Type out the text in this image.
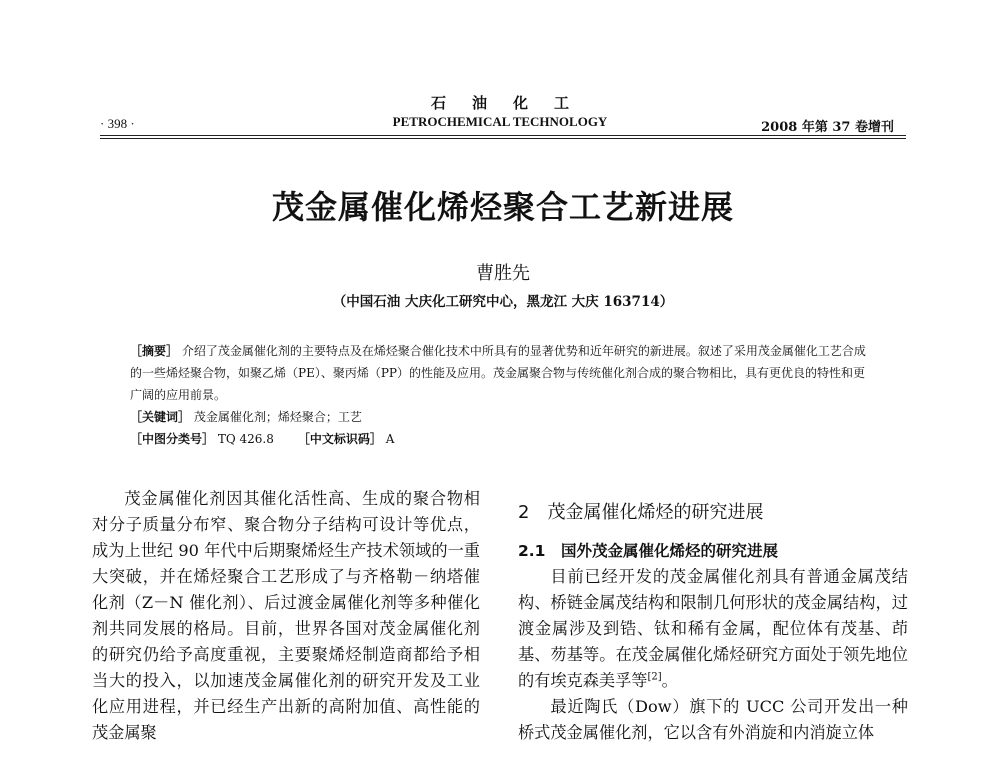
石油化工
PETROCHEMICAL TECHNOLOGY
· 398 ·	2008 年第 37 卷增刊
茂金属催化烯烃聚合工艺新进展
曹胜先
（中国石油 大庆化工研究中心，黑龙江 大庆 163714）

［摘要］ 介绍了茂金属催化剂的主要特点及在烯烃聚合催化技术中所具有的显著优势和近年研究的新进展。叙述了采用茂金属催化工艺合成的一些烯烃聚合物，如聚乙烯（PE）、聚丙烯（PP）的性能及应用。茂金属聚合物与传统催化剂合成的聚合物相比，具有更优良的特性和更广阔的应用前景。

［关键词］ 茂金属催化剂；烯烃聚合；工艺

［中图分类号］ TQ 426.8   ［中文标识码］ A

茂金属催化剂因其催化活性高、生成的聚合物相对分子质量分布窄、聚合物分子结构可设计等优点，成为上世纪 90 年代中后期聚烯烃生产技术领域的一重大突破，并在烯烃聚合工艺形成了与齐格勒－纳塔催化剂（Z－N 催化剂）、后过渡金属催化剂等多种催化剂共同发展的格局。目前，世界各国对茂金属催化剂的研究仍给予高度重视，主要聚烯烃制造商都给予相当大的投入，以加速茂金属催化剂的研究开发及工业化应用进程，并已经生产出新的高附加值、高性能的茂金属聚

2　茂金属催化烯烃的研究进展

2.1　国外茂金属催化烯烃的研究进展

目前已经开发的茂金属催化剂具有普通金属茂结构、桥链金属茂结构和限制几何形状的茂金属结构，过渡金属涉及到锆、钛和稀有金属，配位体有茂基、茚基、芴基等。在茂金属催化烯烃研究方面处于领先地位的有埃克森美孚等[2]。

最近陶氏（Dow）旗下的 UCC 公司开发出一种桥式茂金属催化剂，它以含有外消旋和内消旋立体
